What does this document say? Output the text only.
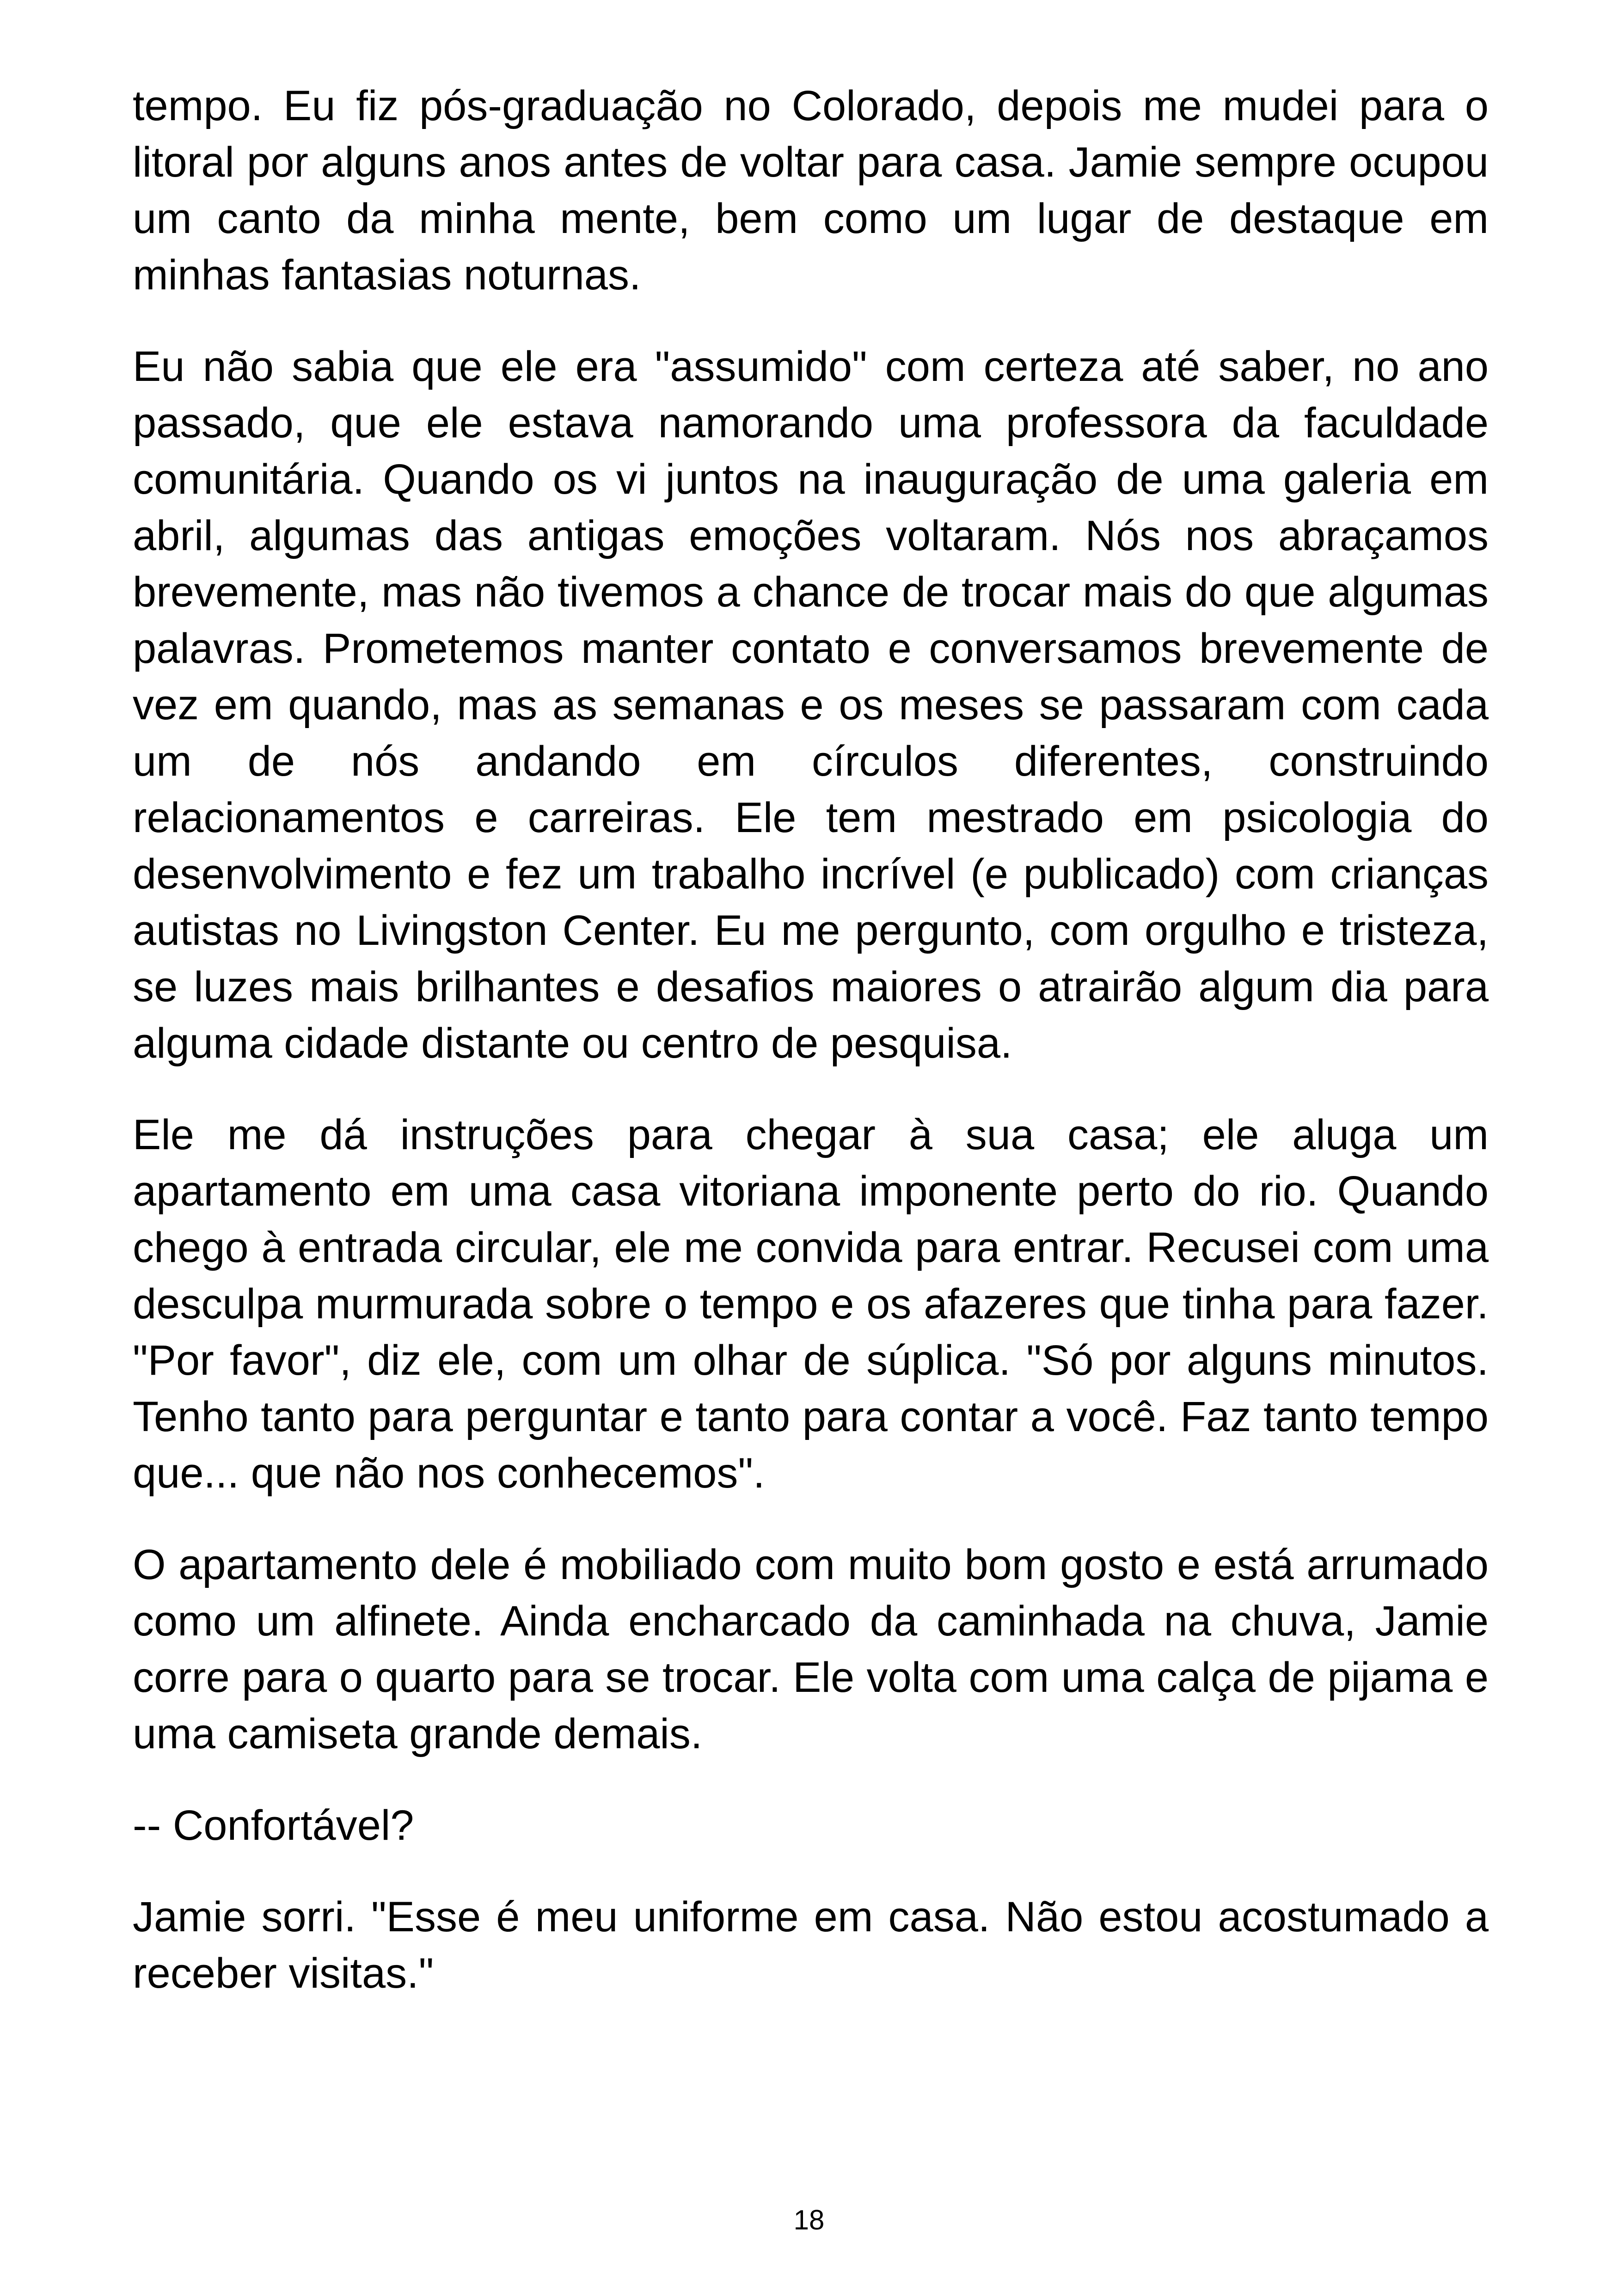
tempo. Eu fiz pós-graduação no Colorado, depois me mudei para o litoral por alguns anos antes de voltar para casa. Jamie sempre ocupou um canto da minha mente, bem como um lugar de destaque em minhas fantasias noturnas.

Eu não sabia que ele era "assumido" com certeza até saber, no ano passado, que ele estava namorando uma professora da faculdade comunitária. Quando os vi juntos na inauguração de uma galeria em abril, algumas das antigas emoções voltaram. Nós nos abraçamos brevemente, mas não tivemos a chance de trocar mais do que algumas palavras. Prometemos manter contato e conversamos brevemente de vez em quando, mas as semanas e os meses se passaram com cada um de nós andando em círculos diferentes, construindo relacionamentos e carreiras. Ele tem mestrado em psicologia do desenvolvimento e fez um trabalho incrível (e publicado) com crianças autistas no Livingston Center. Eu me pergunto, com orgulho e tristeza, se luzes mais brilhantes e desafios maiores o atrairão algum dia para alguma cidade distante ou centro de pesquisa.

Ele me dá instruções para chegar à sua casa; ele aluga um apartamento em uma casa vitoriana imponente perto do rio. Quando chego à entrada circular, ele me convida para entrar. Recusei com uma desculpa murmurada sobre o tempo e os afazeres que tinha para fazer. "Por favor", diz ele, com um olhar de súplica. "Só por alguns minutos. Tenho tanto para perguntar e tanto para contar a você. Faz tanto tempo que... que não nos conhecemos".

O apartamento dele é mobiliado com muito bom gosto e está arrumado como um alfinete. Ainda encharcado da caminhada na chuva, Jamie corre para o quarto para se trocar. Ele volta com uma calça de pijama e uma camiseta grande demais.

-- Confortável?

Jamie sorri. "Esse é meu uniforme em casa. Não estou acostumado a receber visitas."

18
